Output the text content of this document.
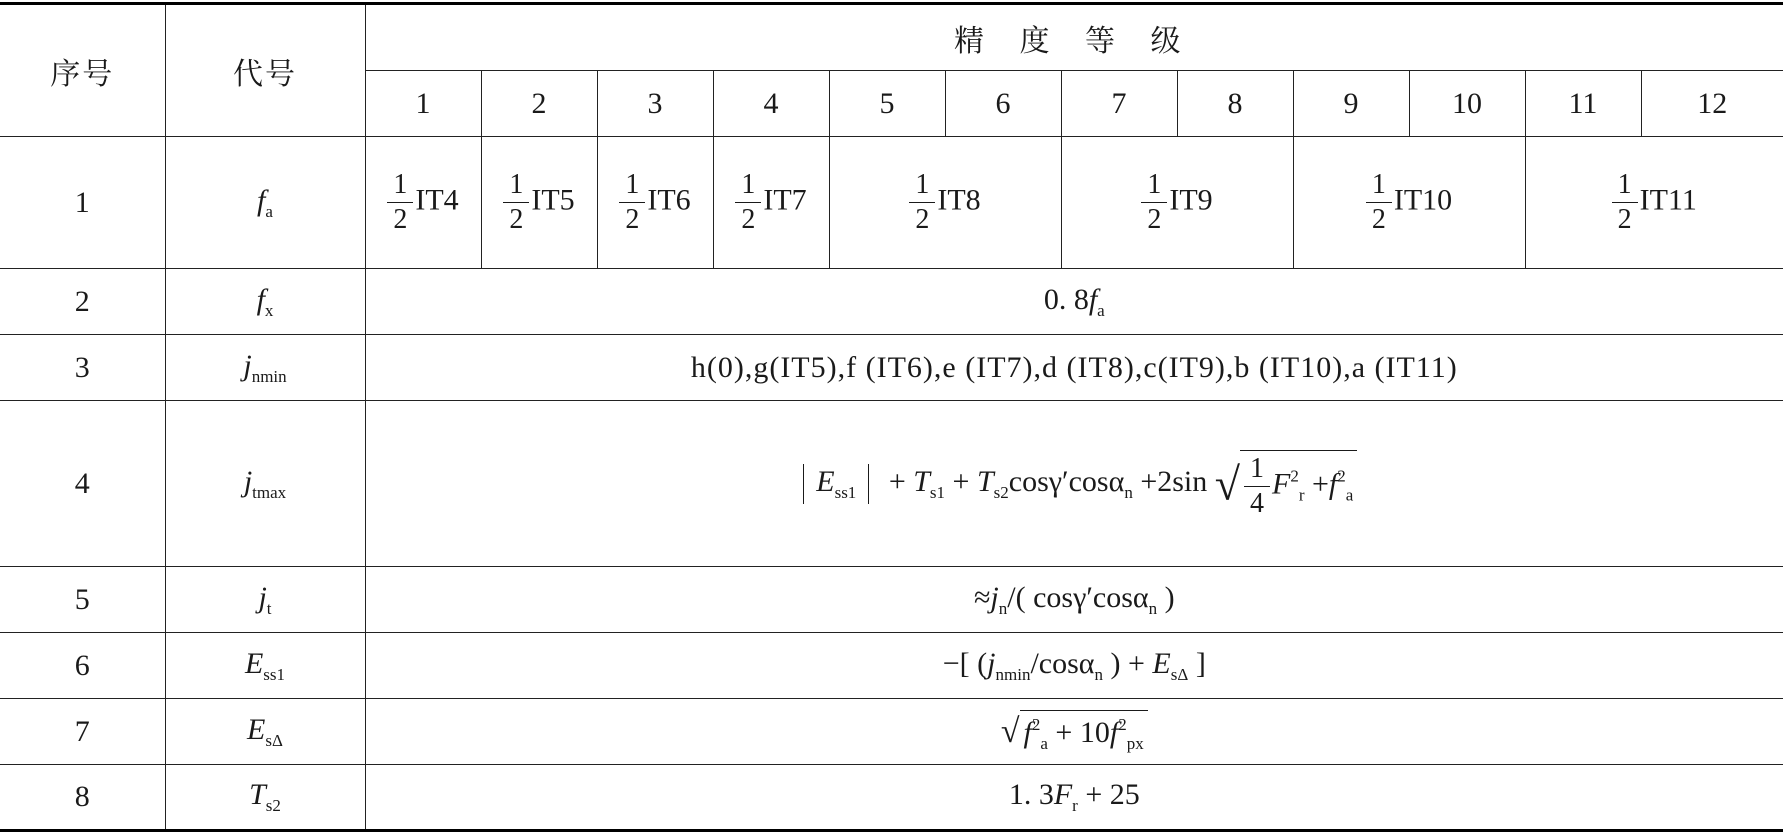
序号	代号	精 度 等 级											
		1	2	3	4	5	6	7	8	9	10	11	12
1	$f_a$	$\frac{1}{2} IT4$	$\frac{1}{2} IT5$	$\frac{1}{2} IT6$	$\frac{1}{2} IT7$	$\frac{1}{2} IT8$		$\frac{1}{2} IT9$		$\frac{1}{2} IT10$		$\frac{1}{2} IT11$	
2	$f_x$	0. $8f_a$
3	$j_{nmin}$	h(0),g(IT5),f (IT6),e (IT7),d (IT8),c(IT9),b (IT10),a (IT11)											
4	$j_{tmax}$	$E_{ss1} + T_{s1} + T_{s2}\cos\gamma'\cos\alpha_n +2\sin$ √ $\frac{1}{4} F^2_r +f^2_a$
5	$j_t$	$\approx j_n/$( cosγ′cosα$_n$ )											
6	$E_{ss1}$	−[ ($j_{nmin}/\cos\alpha_n$ ) + $E_{s\Delta}$ ]											
7	$E_{s\Delta}$	√ $f^2_a + 10f^2_{px}$
8	$T_{s2}$	1. $3F_r + 25$											
